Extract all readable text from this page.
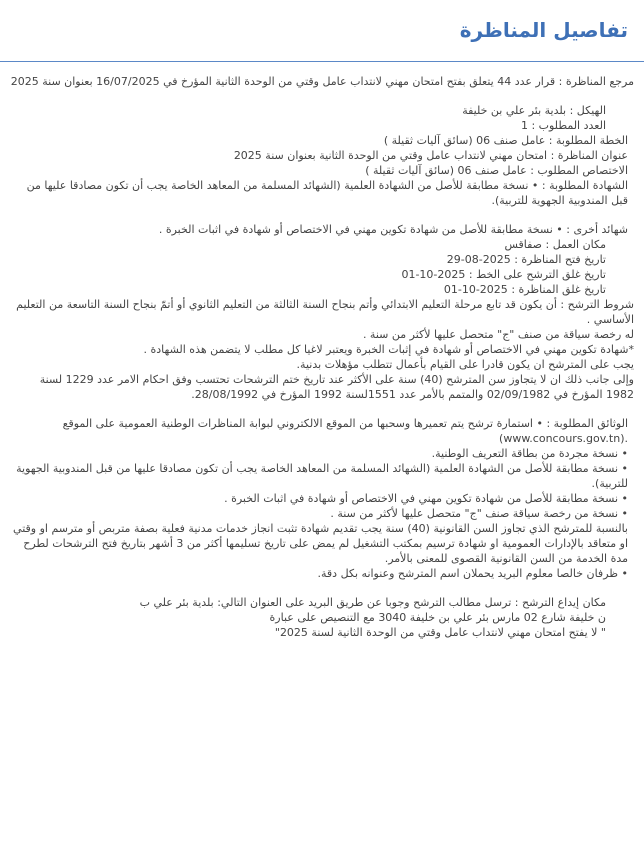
تفاصيل المناظرة

مرجع المناظرة : قرار عدد 44 يتعلق بفتح امتحان مهني لانتداب عامل وقتي من الوحدة الثانية المؤرخ في 16/07/2025 بعنوان سنة 2025

الهيكل : بلدية بئر علي بن خليفة

العدد المطلوب : 1

الخطة المطلوبة : عامل صنف 06 (سائق آليات ثقيلة )

عنوان المناظرة : امتحان مهني لانتداب عامل وقتي من الوحدة الثانية بعنوان سنة 2025

الاختصاص المطلوب : عامل صنف 06 (سائق آليات ثقيلة )

الشهادة المطلوبة : • نسخة مطابقة للأصل من الشهادة العلمية (الشهائد المسلمة من المعاهد الخاصة يجب أن تكون مصادقا عليها من قبل المندوبية الجهوية للتربية).

شهائد أخرى : • نسخة مطابقة للأصل من شهادة تكوين مهني في الاختصاص أو شهادة في اثبات الخبرة .

مكان العمل : صفاقس

تاريخ فتح المناظرة : 29-08-2025

تاريخ غلق الترشح على الخط : 01-10-2025

تاريخ غلق المناظرة : 01-10-2025

شروط الترشح : أن يكون قد تابع مرحلة التعليم الابتدائي وأتم بنجاح السنة الثالثة من التعليم الثانوي أو أتمّ بنجاح السنة التاسعة من التعليم الأساسي .

له رخصة سياقة من صنف "ج" متحصل عليها لأكثر من سنة .

*شهادة تكوين مهني في الاختصاص أو شهادة في إثبات الخبرة ويعتبر لاغيا كل مطلب لا يتضمن هذه الشهادة .

يجب على المترشح ان يكون قادرا على القيام بأعمال تتطلب مؤهلات بدنية.

وإلى جانب ذلك ان لا يتجاوز سن المترشح (40) سنة على الأكثر عند تاريخ ختم الترشحات تحتسب وفق احكام الامر عدد 1229 لسنة 1982 المؤرخ في 02/09/1982 والمتمم بالأمر عدد 1551لسنة 1992 المؤرخ في 28/08/1992.

الوثائق المطلوبة : • استمارة ترشح يتم تعميرها وسحبها من الموقع الالكتروني لبوابة المناظرات الوطنية العمومية على الموقع (www.concours.gov.tn).

• نسخة مجردة من بطاقة التعريف الوطنية.

• نسخة مطابقة للأصل من الشهادة العلمية (الشهائد المسلمة من المعاهد الخاصة يجب أن تكون مصادقا عليها من قبل المندوبية الجهوية للتربية).

• نسخة مطابقة للأصل من شهادة تكوين مهني في الاختصاص أو شهادة في اثبات الخبرة .

• نسخة من رخصة سياقة صنف "ج" متحصل عليها لأكثر من سنة .

بالنسبة للمترشح الذي تجاوز السن القانونية (40) سنة يجب تقديم شهادة تثبت انجاز خدمات مدنية فعلية بصفة متربص أو مترسم او وقتي او متعاقد بالإدارات العمومية او شهادة ترسيم بمكتب التشغيل لم يمض على تاريخ تسليمها أكثر من 3 أشهر بتاريخ فتح الترشحات لطرح مدة الخدمة من السن القانونية القصوى للمعنى بالأمر.

• ظرفان خالصا معلوم البريد يحملان اسم المترشح وعنوانه بكل دقة.

مكان إيداع الترشح : ترسل مطالب الترشح وجوبا عن طريق البريد على العنوان التالي: بلدية بئر علي ب

ن خليفة شارع 02 مارس بئر علي بن خليفة 3040 مع التنصيص على عبارة

" لا يفتح امتحان مهني لانتداب عامل وقتي من الوحدة الثانية لسنة 2025"
